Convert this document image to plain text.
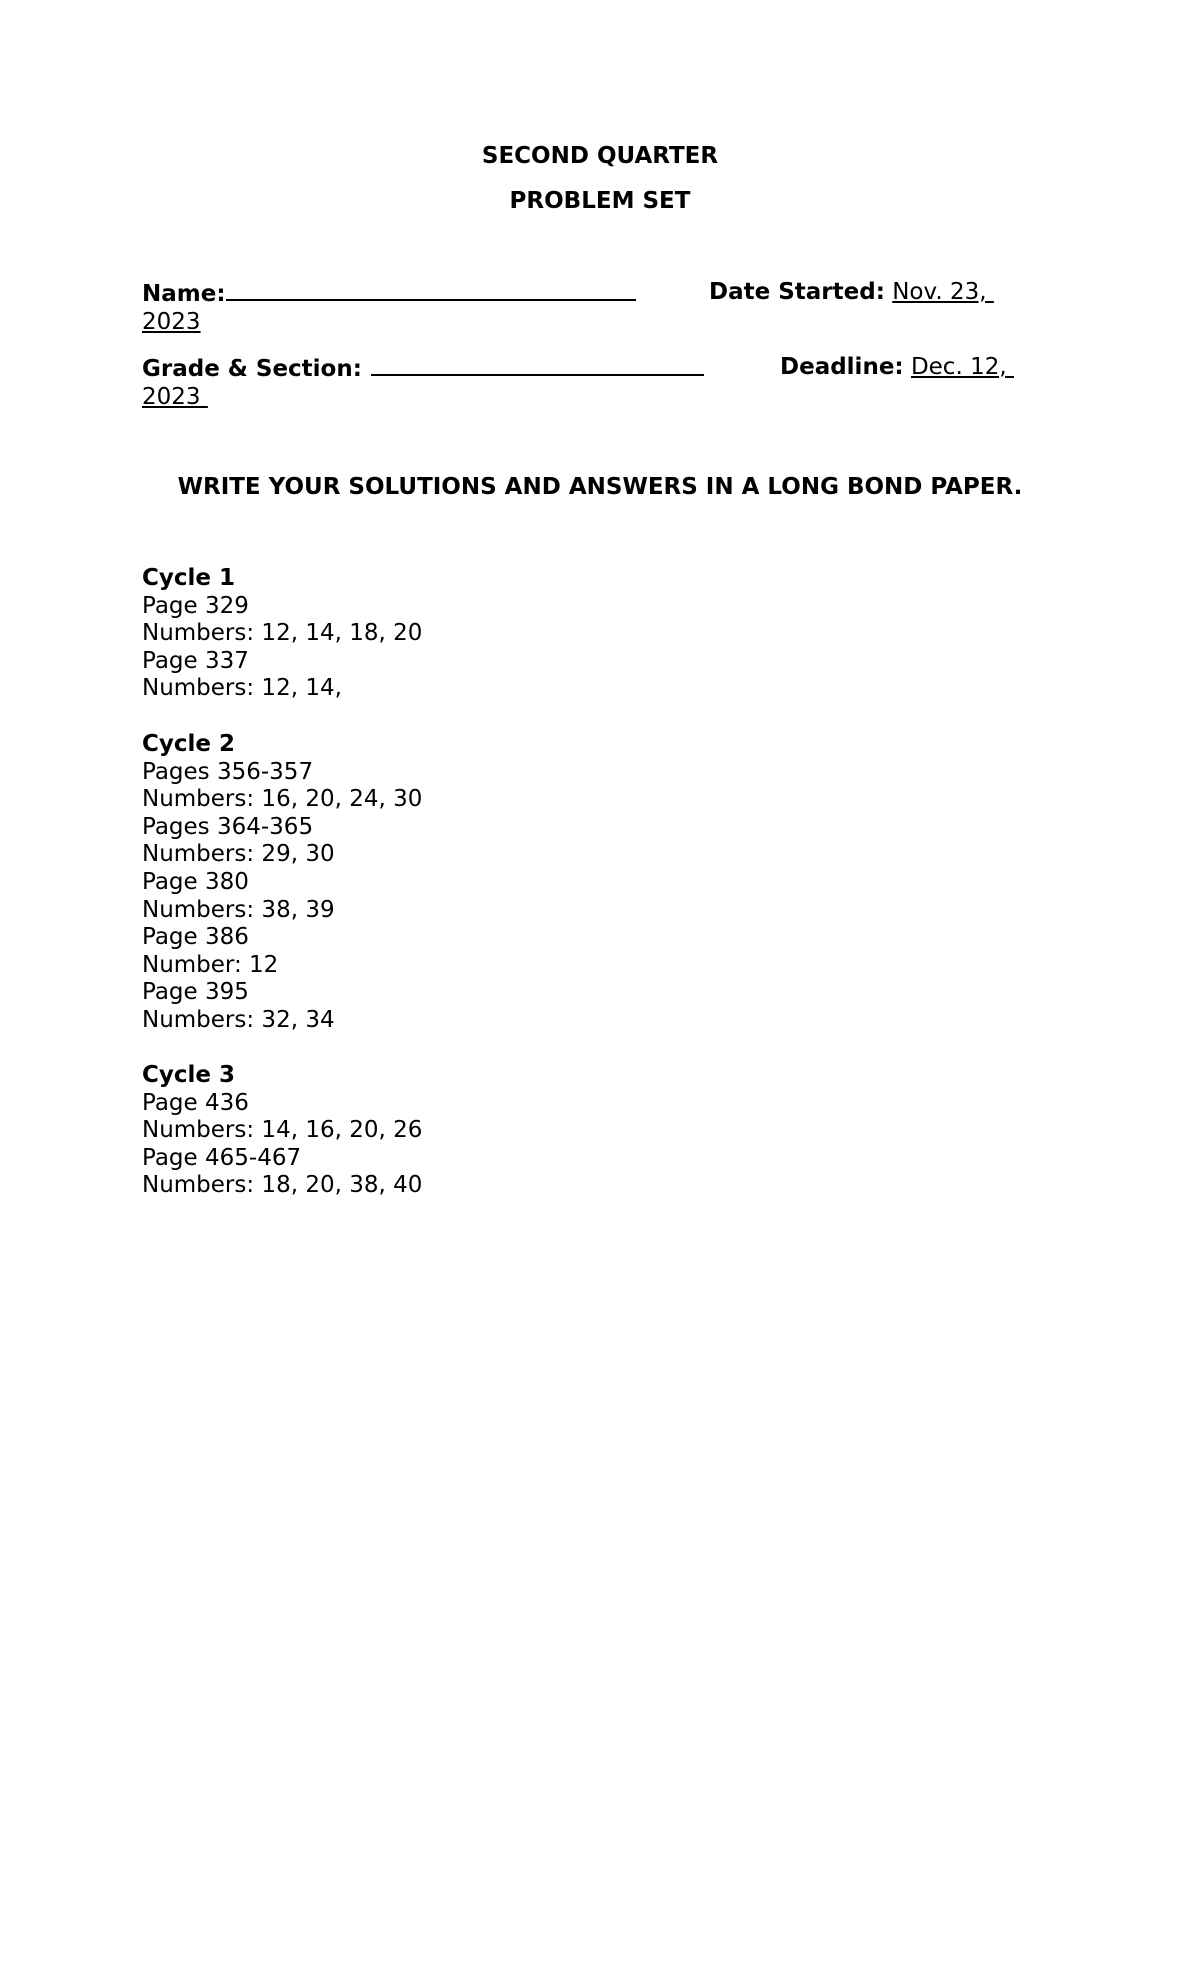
SECOND QUARTER
PROBLEM SET
Name:	Date Started: Nov. 23,
2023
Grade & Section:	Deadline: Dec. 12,
2023
WRITE YOUR SOLUTIONS AND ANSWERS IN A LONG BOND PAPER.
Cycle 1
Page 329
Numbers: 12, 14, 18, 20
Page 337
Numbers: 12, 14,
Cycle 2
Pages 356-357
Numbers: 16, 20, 24, 30
Pages 364-365
Numbers: 29, 30
Page 380
Numbers: 38, 39
Page 386
Number: 12
Page 395
Numbers: 32, 34
Cycle 3
Page 436
Numbers: 14, 16, 20, 26
Page 465-467
Numbers: 18, 20, 38, 40
